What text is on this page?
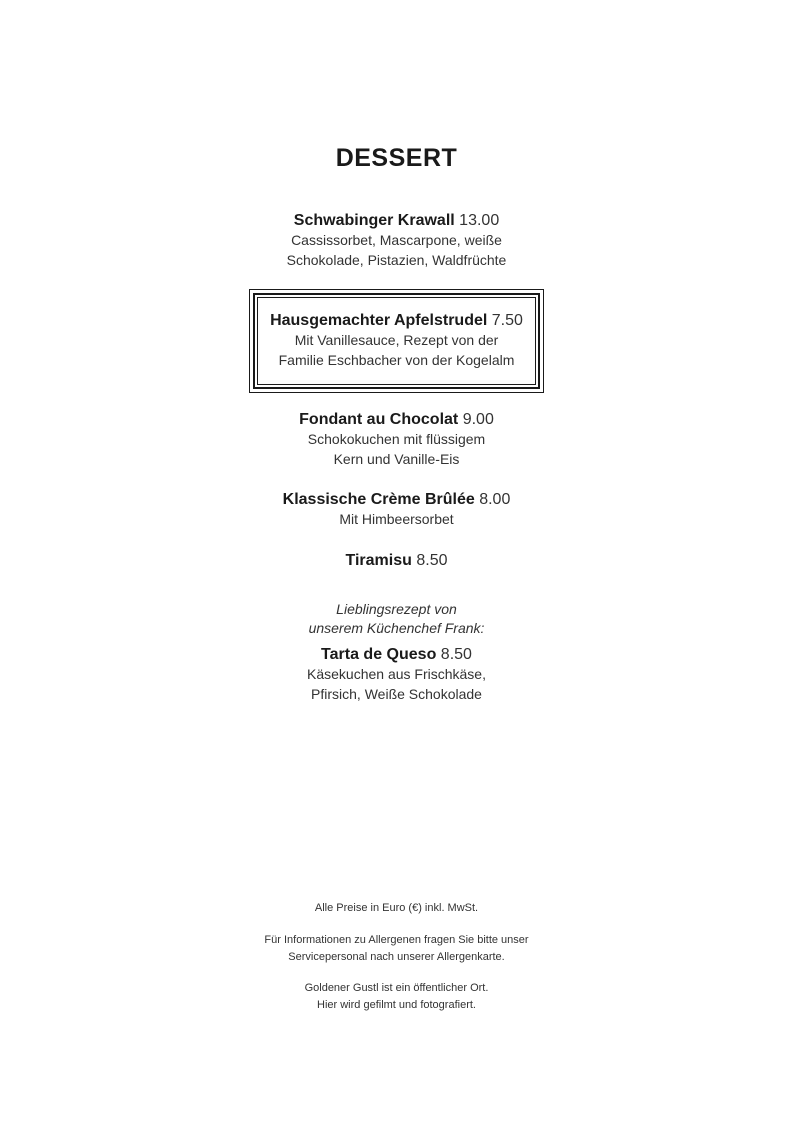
DESSERT
Schwabinger Krawall 13.00
Cassissorbet, Mascarpone, weiße
Schokolade, Pistazien, Waldfrüchte
Hausgemachter Apfelstrudel 7.50
Mit Vanillesauce, Rezept von der
Familie Eschbacher von der Kogelalm
Fondant au Chocolat 9.00
Schokokuchen mit flüssigem
Kern und Vanille-Eis
Klassische Crème Brûlée 8.00
Mit Himbeersorbet
Tiramisu 8.50
Lieblingsrezept von
unserem Küchenchef Frank:
Tarta de Queso 8.50
Käsekuchen aus Frischkäse,
Pfirsich, Weiße Schokolade
Alle Preise in Euro (€) inkl. MwSt.
Für Informationen zu Allergenen fragen Sie bitte unser
Servicepersonal nach unserer Allergenkarte.
Goldener Gustl ist ein öffentlicher Ort.
Hier wird gefilmt und fotografiert.
